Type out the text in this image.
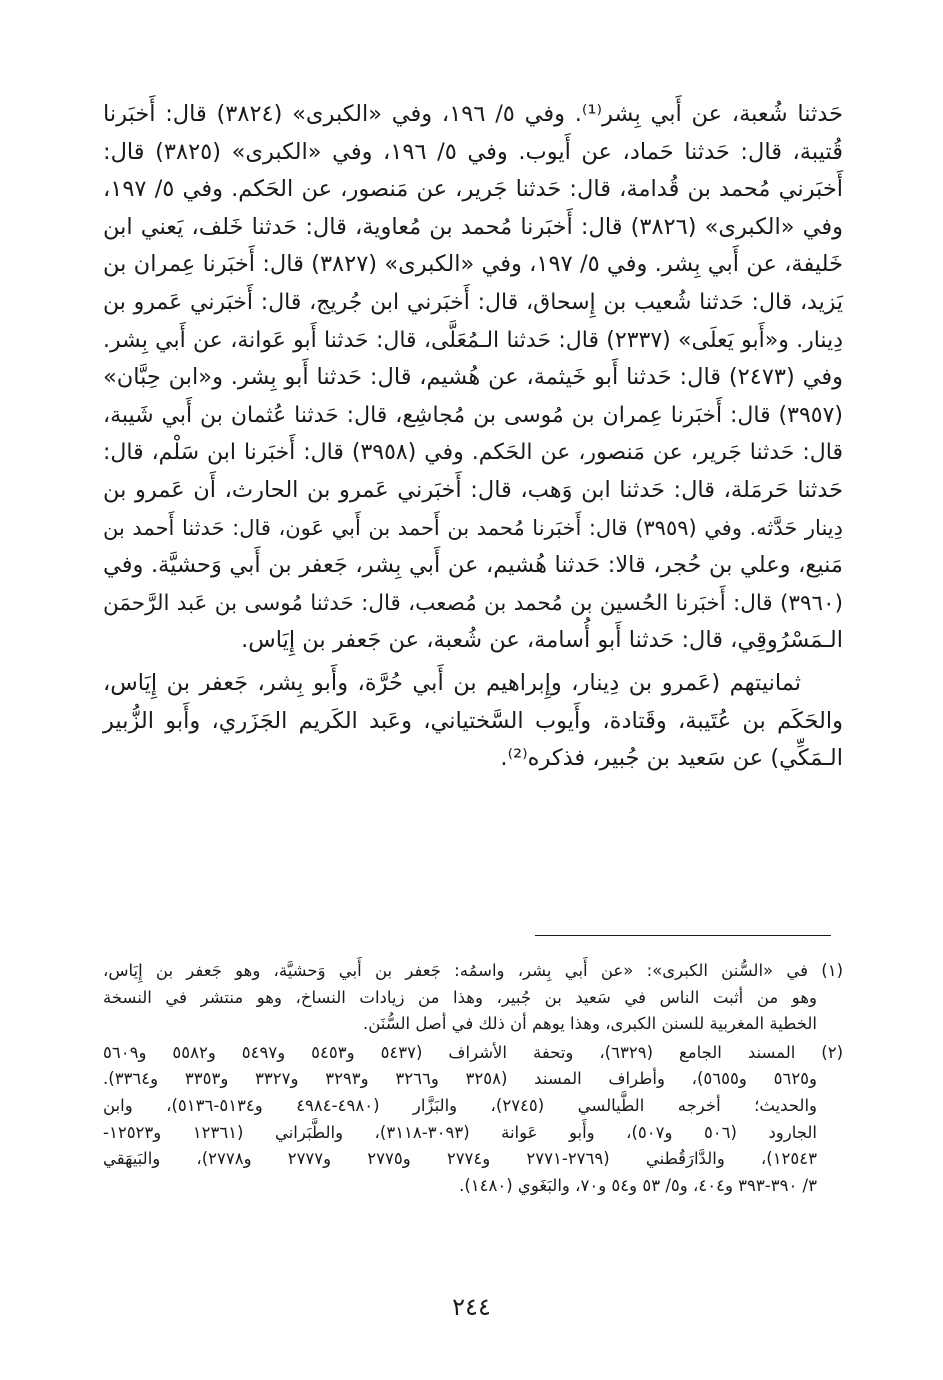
حَدثنا شُعبة، عن أَبي بِشر⁽¹⁾. وفي ٥/ ١٩٦، وفي «الكبرى» (٣٨٢٤) قال: أَخبَرنا
قُتيبة، قال: حَدثنا حَماد، عن أَيوب. وفي ٥/ ١٩٦، وفي «الكبرى» (٣٨٢٥) قال:
أَخبَرني مُحمد بن قُدامة، قال: حَدثنا جَرير، عن مَنصور، عن الحَكم. وفي ٥/ ١٩٧،
وفي «الكبرى» (٣٨٢٦) قال: أَخبَرنا مُحمد بن مُعاوية، قال: حَدثنا خَلف، يَعني ابن
خَليفة، عن أَبي بِشر. وفي ٥/ ١٩٧، وفي «الكبرى» (٣٨٢٧) قال: أَخبَرنا عِمران بن
يَزيد، قال: حَدثنا شُعيب بن إِسحاق، قال: أَخبَرني ابن جُريج، قال: أَخبَرني عَمرو بن
دِينار. و«أَبو يَعلَى» (٢٣٣٧) قال: حَدثنا الـمُعَلَّى، قال: حَدثنا أَبو عَوانة، عن أَبي بِشر.
وفي (٢٤٧٣) قال: حَدثنا أَبو خَيثمة، عن هُشيم، قال: حَدثنا أَبو بِشر. و«ابن حِبَّان»
(٣٩٥٧) قال: أَخبَرنا عِمران بن مُوسى بن مُجاشِع، قال: حَدثنا عُثمان بن أَبي شَيبة،
قال: حَدثنا جَرير، عن مَنصور، عن الحَكم. وفي (٣٩٥٨) قال: أَخبَرنا ابن سَلْم، قال:
حَدثنا حَرمَلة، قال: حَدثنا ابن وَهب، قال: أَخبَرني عَمرو بن الحارث، أَن عَمرو بن
دِينار حَدَّثه. وفي (٣٩٥٩) قال: أَخبَرنا مُحمد بن أَحمد بن أَبي عَون، قال: حَدثنا أَحمد بن
مَنيع، وعلي بن حُجر، قالا: حَدثنا هُشيم، عن أَبي بِشر، جَعفر بن أَبي وَحشيَّة. وفي
(٣٩٦٠) قال: أَخبَرنا الحُسين بن مُحمد بن مُصعب، قال: حَدثنا مُوسى بن عَبد الرَّحمَن
الـمَسْرُوقِي، قال: حَدثنا أَبو أُسامة، عن شُعبة، عن جَعفر بن إِيَاس.
ثمانيتهم (عَمرو بن دِينار، وإِبراهيم بن أَبي حُرَّة، وأَبو بِشر، جَعفر بن إِيَاس،
والحَكَم بن عُتَيبة، وقَتادة، وأَيوب السَّختياني، وعَبد الكَريم الجَزَري، وأَبو الزُّبير
الـمَكِّي) عن سَعيد بن جُبير، فذكره⁽²⁾.
(١) في «السُّنن الكبرى»: «عن أَبي بِشر، واسمُه: جَعفر بن أَبي وَحشيَّة، وهو جَعفر بن إِيَاس،
وهو من أثبت الناس في سَعيد بن جُبير، وهذا من زيادات النساخ، وهو منتشر في النسخة
الخطية المغربية للسنن الكبرى، وهذا يوهم أن ذلك في أصل السُّنَن.
(٢) المسند الجامع (٦٣٢٩)، وتحفة الأشراف (٥٤٣٧ و٥٤٥٣ و٥٤٩٧ و٥٥٨٢ و٥٦٠٩
و٥٦٢٥ و٥٦٥٥)، وأطراف المسند (٣٢٥٨ و٣٢٦٦ و٣٢٩٣ و٣٣٢٧ و٣٣٥٣ و٣٣٦٤).
والحديث؛ أخرجه الطَّيالسي (٢٧٤٥)، والبَزَّار (٤٩٨٠-٤٩٨٤ و٥١٣٤-٥١٣٦)، وابن
الجارود (٥٠٦ و٥٠٧)، وأَبو عَوانة (٣٠٩٣-٣١١٨)، والطَّبَراني (١٢٣٦١ و١٢٥٢٣-
١٢٥٤٣)، والدَّارَقُطني (٢٧٦٩-٢٧٧١ و٢٧٧٤ و٢٧٧٥ و٢٧٧٧ و٢٧٧٨)، والبَيهَقي
٣/ ٣٩٠-٣٩٣ و٤٠٤، و٥/ ٥٣ و٥٤ و٧٠، والبَغَوي (١٤٨٠).
٢٤٤
